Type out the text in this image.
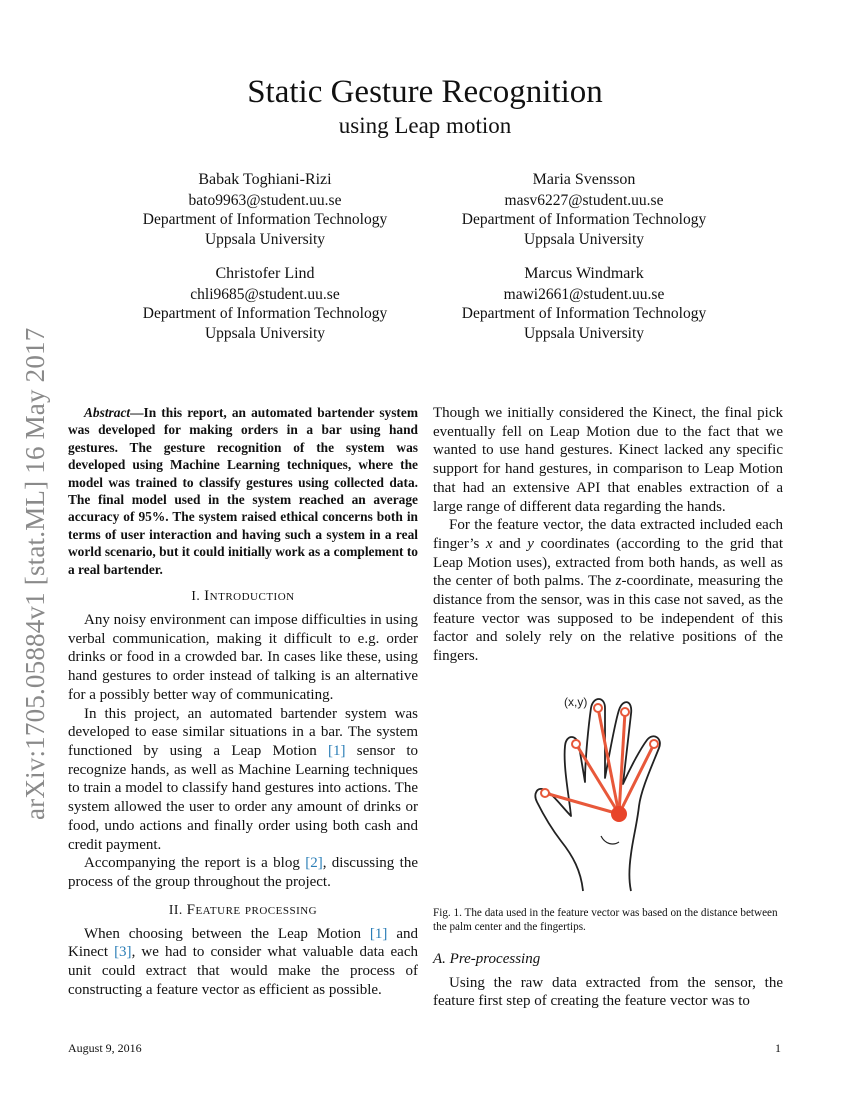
arXiv:1705.05884v1 [stat.ML] 16 May 2017
Static Gesture Recognition
using Leap motion
Babak Toghiani-Rizi
bato9963@student.uu.se
Department of Information Technology
Uppsala University
Maria Svensson
masv6227@student.uu.se
Department of Information Technology
Uppsala University
Christofer Lind
chli9685@student.uu.se
Department of Information Technology
Uppsala University
Marcus Windmark
mawi2661@student.uu.se
Department of Information Technology
Uppsala University

Abstract—In this report, an automated bartender system was developed for making orders in a bar using hand gestures. The gesture recognition of the system was developed using Machine Learning techniques, where the model was trained to classify gestures using collected data. The final model used in the system reached an average accuracy of 95%. The system raised ethical concerns both in terms of user interaction and having such a system in a real world scenario, but it could initially work as a complement to a real bartender.

I. Introduction

Any noisy environment can impose difficulties in using verbal communication, making it difficult to e.g. order drinks or food in a crowded bar. In cases like these, using hand gestures to order instead of talking is an alternative for a possibly better way of communicating.

In this project, an automated bartender system was developed to ease similar situations in a bar. The system functioned by using a Leap Motion [1] sensor to recognize hands, as well as Machine Learning techniques to train a model to classify hand gestures into actions. The system allowed the user to order any amount of drinks or food, undo actions and finally order using both cash and credit payment.

Accompanying the report is a blog [2], discussing the process of the group throughout the project.

II. Feature processing

When choosing between the Leap Motion [1] and Kinect [3], we had to consider what valuable data each unit could extract that would make the process of constructing a feature vector as efficient as possible.

Though we initially considered the Kinect, the final pick eventually fell on Leap Motion due to the fact that we wanted to use hand gestures. Kinect lacked any specific support for hand gestures, in comparison to Leap Motion that had an extensive API that enables extraction of a large range of different data regarding the hands.

For the feature vector, the data extracted included each finger’s x and y coordinates (according to the grid that Leap Motion uses), extracted from both hands, as well as the center of both palms. The z-coordinate, measuring the distance from the sensor, was in this case not saved, as the feature vector was supposed to be independent of this factor and solely rely on the relative positions of the fingers.

(x,y)
Fig. 1. The data used in the feature vector was based on the distance between the palm center and the fingertips.
A. Pre-processing

Using the raw data extracted from the sensor, the feature first step of creating the feature vector was to

August 9, 2016	1
